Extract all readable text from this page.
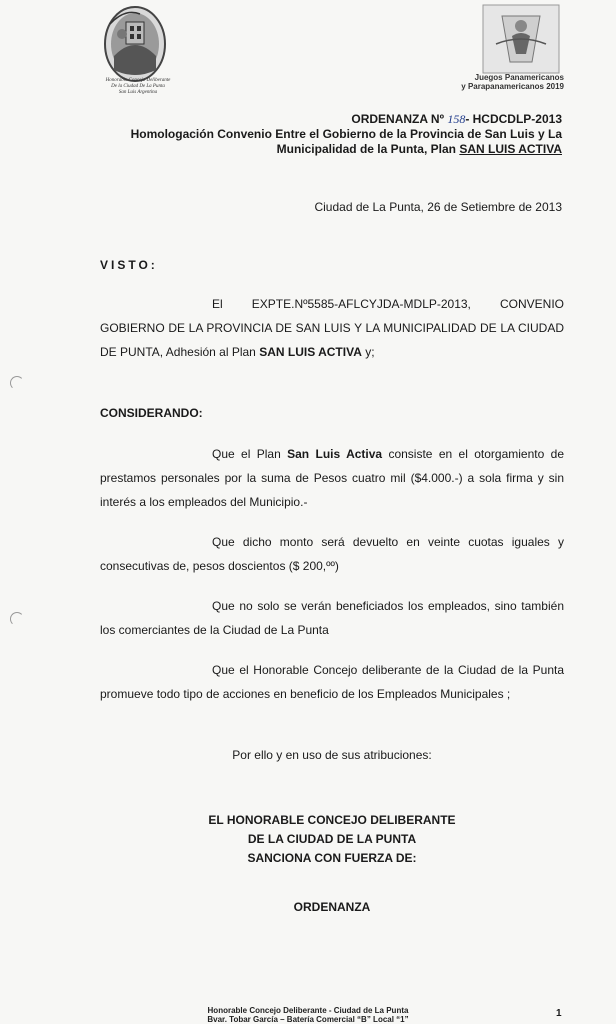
Honorable Concejo Deliberante
De la Ciudad De La Punta
San Luis Argentina
Juegos Panamericanos
y Parapanamericanos 2019
ORDENANZA Nº 158- HCDCDLP-2013
Homologación Convenio Entre el Gobierno de la Provincia de San Luis y La Municipalidad de la Punta, Plan SAN LUIS ACTIVA
Ciudad de La Punta, 26 de Setiembre de 2013
VISTO:
El EXPTE.Nº5585-AFLCYJDA-MDLP-2013, CONVENIO GOBIERNO DE LA PROVINCIA DE SAN LUIS Y LA MUNICIPALIDAD DE LA CIUDAD DE PUNTA, Adhesión al Plan SAN LUIS ACTIVA y;
CONSIDERANDO:
Que el Plan San Luis Activa consiste en el otorgamiento de prestamos personales por la suma de Pesos cuatro mil ($4.000.-) a sola firma y sin interés a los empleados del Municipio.-
Que dicho monto será devuelto en veinte cuotas iguales y consecutivas de, pesos doscientos ($ 200,ºº)
Que no solo se verán beneficiados los empleados, sino también los comerciantes de la Ciudad de La Punta
Que el Honorable Concejo deliberante de la Ciudad de la Punta promueve todo tipo de acciones en beneficio de los Empleados Municipales ;
Por ello y en uso de sus atribuciones:
EL HONORABLE CONCEJO DELIBERANTE
DE LA CIUDAD DE LA PUNTA
SANCIONA CON FUERZA DE:
ORDENANZA
Honorable Concejo Deliberante - Ciudad de La Punta
Bvar. Tobar García – Batería Comercial “B” Local “1”
1
